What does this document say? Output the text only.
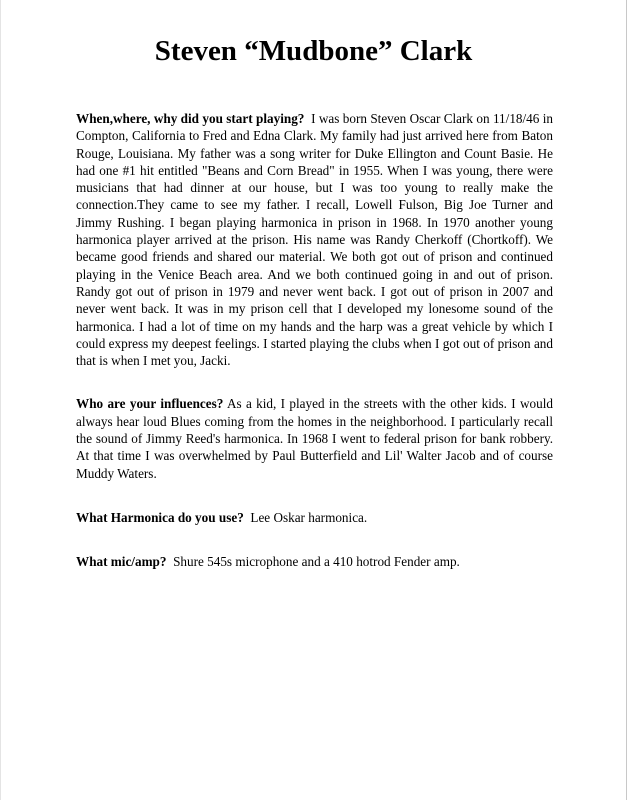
Steven “Mudbone” Clark

When,where, why did you start playing? I was born Steven Oscar Clark on 11/18/46 in Compton, California to Fred and Edna Clark. My family had just arrived here from Baton Rouge, Louisiana. My father was a song writer for Duke Ellington and Count Basie. He had one #1 hit entitled "Beans and Corn Bread" in 1955. When I was young, there were musicians that had dinner at our house, but I was too young to really make the connection.They came to see my father. I recall, Lowell Fulson, Big Joe Turner and Jimmy Rushing. I began playing harmonica in prison in 1968. In 1970 another young harmonica player arrived at the prison. His name was Randy Cherkoff (Chortkoff). We became good friends and shared our material. We both got out of prison and continued playing in the Venice Beach area. And we both continued going in and out of prison. Randy got out of prison in 1979 and never went back. I got out of prison in 2007 and never went back. It was in my prison cell that I developed my lonesome sound of the harmonica. I had a lot of time on my hands and the harp was a great vehicle by which I could express my deepest feelings. I started playing the clubs when I got out of prison and that is when I met you, Jacki.

Who are your influences? As a kid, I played in the streets with the other kids. I would always hear loud Blues coming from the homes in the neighborhood. I particularly recall the sound of Jimmy Reed's harmonica. In 1968 I went to federal prison for bank robbery. At that time I was overwhelmed by Paul Butterfield and Lil' Walter Jacob and of course Muddy Waters.

What Harmonica do you use? Lee Oskar harmonica.

What mic/amp? Shure 545s microphone and a 410 hotrod Fender amp.
